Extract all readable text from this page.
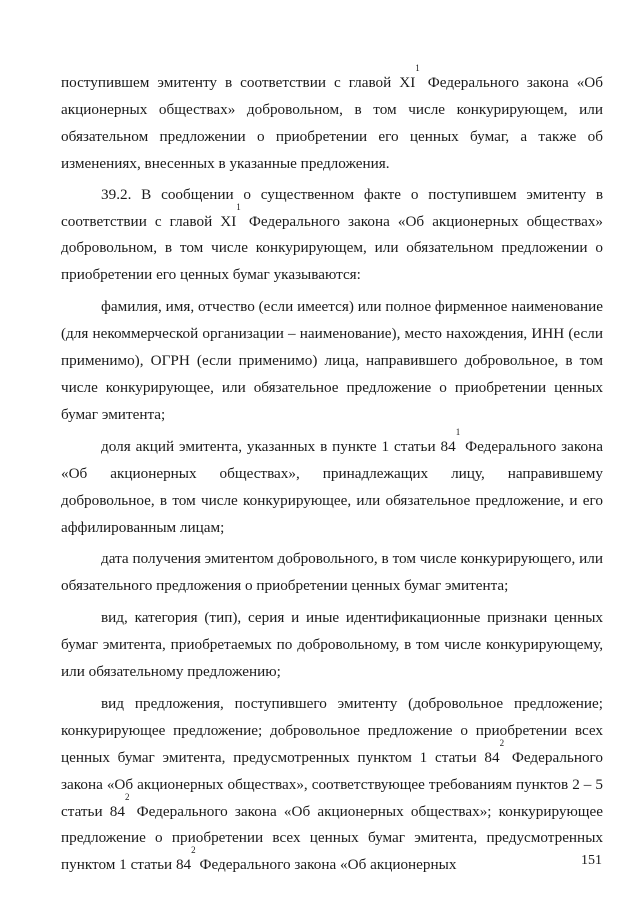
поступившем эмитенту в соответствии с главой $XI^1$ Федерального закона «Об акционерных обществах» добровольном, в том числе конкурирующем, или обязательном предложении о приобретении его ценных бумаг, а также об изменениях, внесенных в указанные предложения.

39.2. В сообщении о существенном факте о поступившем эмитенту в соответствии с главой $XI^1$ Федерального закона «Об акционерных обществах» добровольном, в том числе конкурирующем, или обязательном предложении о приобретении его ценных бумаг указываются:

фамилия, имя, отчество (если имеется) или полное фирменное наименование (для некоммерческой организации – наименование), место нахождения, ИНН (если применимо), ОГРН (если применимо) лица, направившего добровольное, в том числе конкурирующее, или обязательное предложение о приобретении ценных бумаг эмитента;

доля акций эмитента, указанных в пункте 1 статьи $84^1$ Федерального закона «Об акционерных обществах», принадлежащих лицу, направившему добровольное, в том числе конкурирующее, или обязательное предложение, и его аффилированным лицам;

дата получения эмитентом добровольного, в том числе конкурирующего, или обязательного предложения о приобретении ценных бумаг эмитента;

вид, категория (тип), серия и иные идентификационные признаки ценных бумаг эмитента, приобретаемых по добровольному, в том числе конкурирующему, или обязательному предложению;

вид предложения, поступившего эмитенту (добровольное предложение; конкурирующее предложение; добровольное предложение о приобретении всех ценных бумаг эмитента, предусмотренных пунктом 1 статьи $84^2$ Федерального закона «Об акционерных обществах», соответствующее требованиям пунктов 2 – 5 статьи $84^2$ Федерального закона «Об акционерных обществах»; конкурирующее предложение о приобретении всех ценных бумаг эмитента, предусмотренных пунктом 1 статьи $84^2$ Федерального закона «Об акционерных	151
